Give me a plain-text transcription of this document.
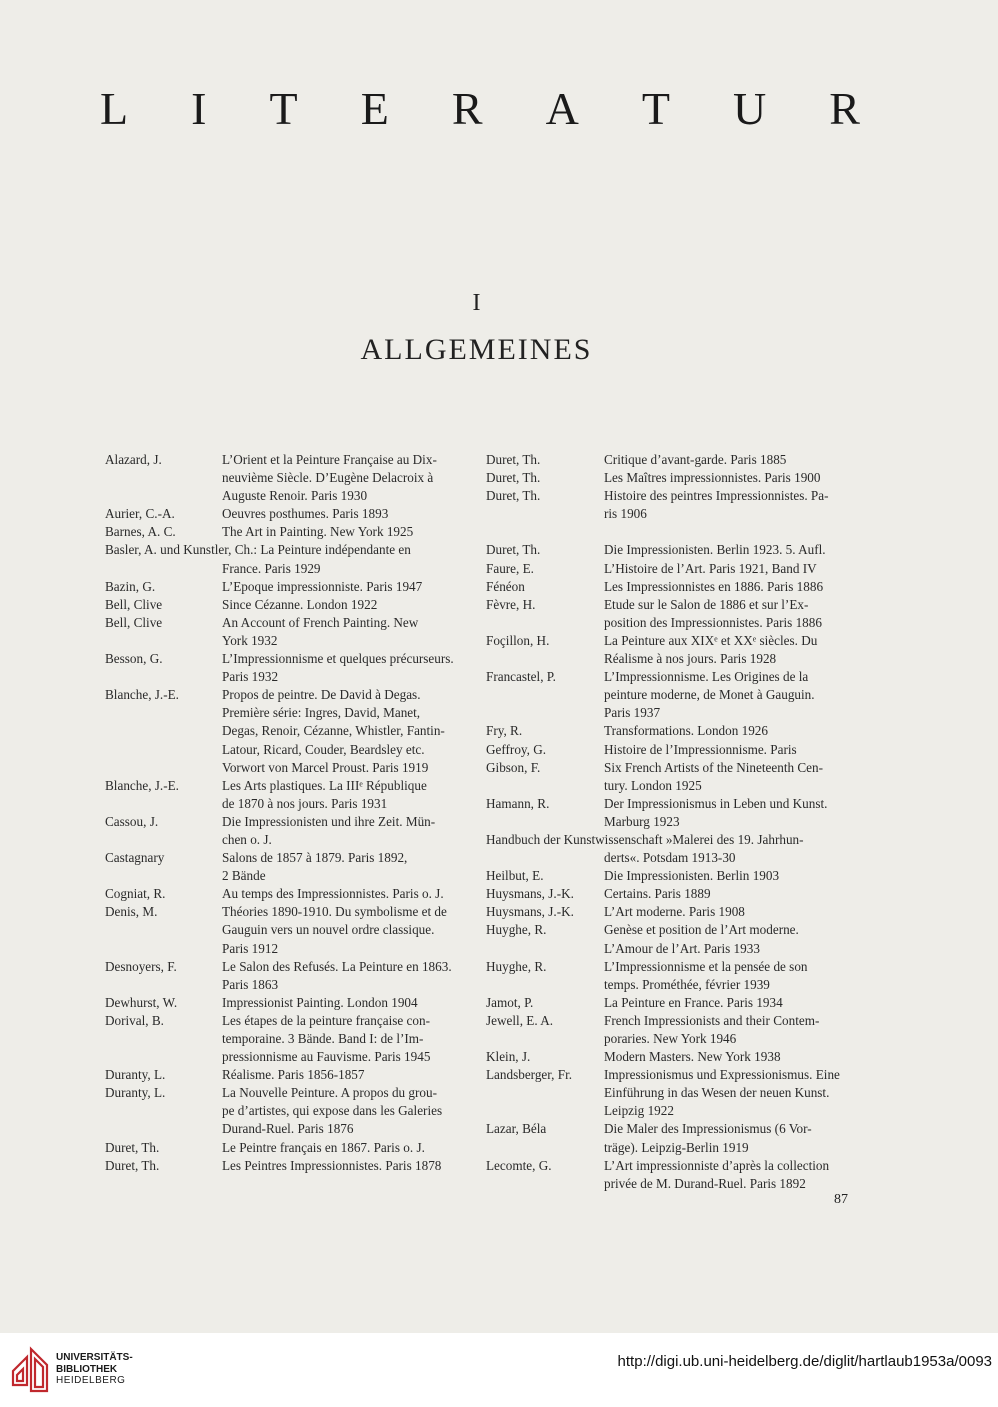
L I T E R A T U R
I
ALLGEMEINES
Alazard, J.	L’Orient et la Peinture Française au Dix-
neuvième Siècle. D’Eugène Delacroix à
Auguste Renoir. Paris 1930
Aurier, C.-A.	Oeuvres posthumes. Paris 1893
Barnes, A. C.	The Art in Painting. New York 1925
Basler, A. und Kunstler, Ch.: La Peinture indépendante en
France. Paris 1929
Bazin, G.	L’Epoque impressionniste. Paris 1947
Bell, Clive	Since Cézanne. London 1922
Bell, Clive	An Account of French Painting. New
York 1932
Besson, G.	L’Impressionnisme et quelques précurseurs.
Paris 1932
Blanche, J.-E.	Propos de peintre. De David à Degas.
Première série: Ingres, David, Manet,
Degas, Renoir, Cézanne, Whistler, Fantin-
Latour, Ricard, Couder, Beardsley etc.
Vorwort von Marcel Proust. Paris 1919
Blanche, J.-E.	Les Arts plastiques. La IIIᵉ République
de 1870 à nos jours. Paris 1931
Cassou, J.	Die Impressionisten und ihre Zeit. Mün-
chen o. J.
Castagnary	Salons de 1857 à 1879. Paris 1892,
2 Bände
Cogniat, R.	Au temps des Impressionnistes. Paris o. J.
Denis, M.	Théories 1890-1910. Du symbolisme et de
Gauguin vers un nouvel ordre classique.
Paris 1912
Desnoyers, F.	Le Salon des Refusés. La Peinture en 1863.
Paris 1863
Dewhurst, W.	Impressionist Painting. London 1904
Dorival, B.	Les étapes de la peinture française con-
temporaine. 3 Bände. Band I: de l’Im-
pressionnisme au Fauvisme. Paris 1945
Duranty, L.	Réalisme. Paris 1856-1857
Duranty, L.	La Nouvelle Peinture. A propos du grou-
pe d’artistes, qui expose dans les Galeries
Durand-Ruel. Paris 1876
Duret, Th.	Le Peintre français en 1867. Paris o. J.
Duret, Th.	Les Peintres Impressionnistes. Paris 1878
Duret, Th.	Critique d’avant-garde. Paris 1885
Duret, Th.	Les Maîtres impressionnistes. Paris 1900
Duret, Th.	Histoire des peintres Impressionnistes. Pa-
ris 1906
Duret, Th.	Die Impressionisten. Berlin 1923. 5. Aufl.
Faure, E.	L’Histoire de l’Art. Paris 1921, Band IV
Fénéon	Les Impressionnistes en 1886. Paris 1886
Fèvre, H.	Etude sur le Salon de 1886 et sur l’Ex-
position des Impressionnistes. Paris 1886
Foçillon, H.	La Peinture aux XIXᵉ et XXᵉ siècles. Du
Réalisme à nos jours. Paris 1928
Francastel, P.	L’Impressionnisme. Les Origines de la
peinture moderne, de Monet à Gauguin.
Paris 1937
Fry, R.	Transformations. London 1926
Geffroy, G.	Histoire de l’Impressionnisme. Paris
Gibson, F.	Six French Artists of the Nineteenth Cen-
tury. London 1925
Hamann, R.	Der Impressionismus in Leben und Kunst.
Marburg 1923
Handbuch der Kunstwissenschaft »Malerei des 19. Jahrhun-
derts«. Potsdam 1913-30
Heilbut, E.	Die Impressionisten. Berlin 1903
Huysmans, J.-K.	Certains. Paris 1889
Huysmans, J.-K.	L’Art moderne. Paris 1908
Huyghe, R.	Genèse et position de l’Art moderne.
L’Amour de l’Art. Paris 1933
Huyghe, R.	L’Impressionnisme et la pensée de son
temps. Prométhée, février 1939
Jamot, P.	La Peinture en France. Paris 1934
Jewell, E. A.	French Impressionists and their Contem-
poraries. New York 1946
Klein, J.	Modern Masters. New York 1938
Landsberger, Fr.	Impressionismus und Expressionismus. Eine
Einführung in das Wesen der neuen Kunst.
Leipzig 1922
Lazar, Béla	Die Maler des Impressionismus (6 Vor-
träge). Leipzig-Berlin 1919
Lecomte, G.	L’Art impressionniste d’après la collection
privée de M. Durand-Ruel. Paris 1892
87
UNIVERSITÄTS-
BIBLIOTHEK
HEIDELBERG
http://digi.ub.uni-heidelberg.de/diglit/hartlaub1953a/0093
